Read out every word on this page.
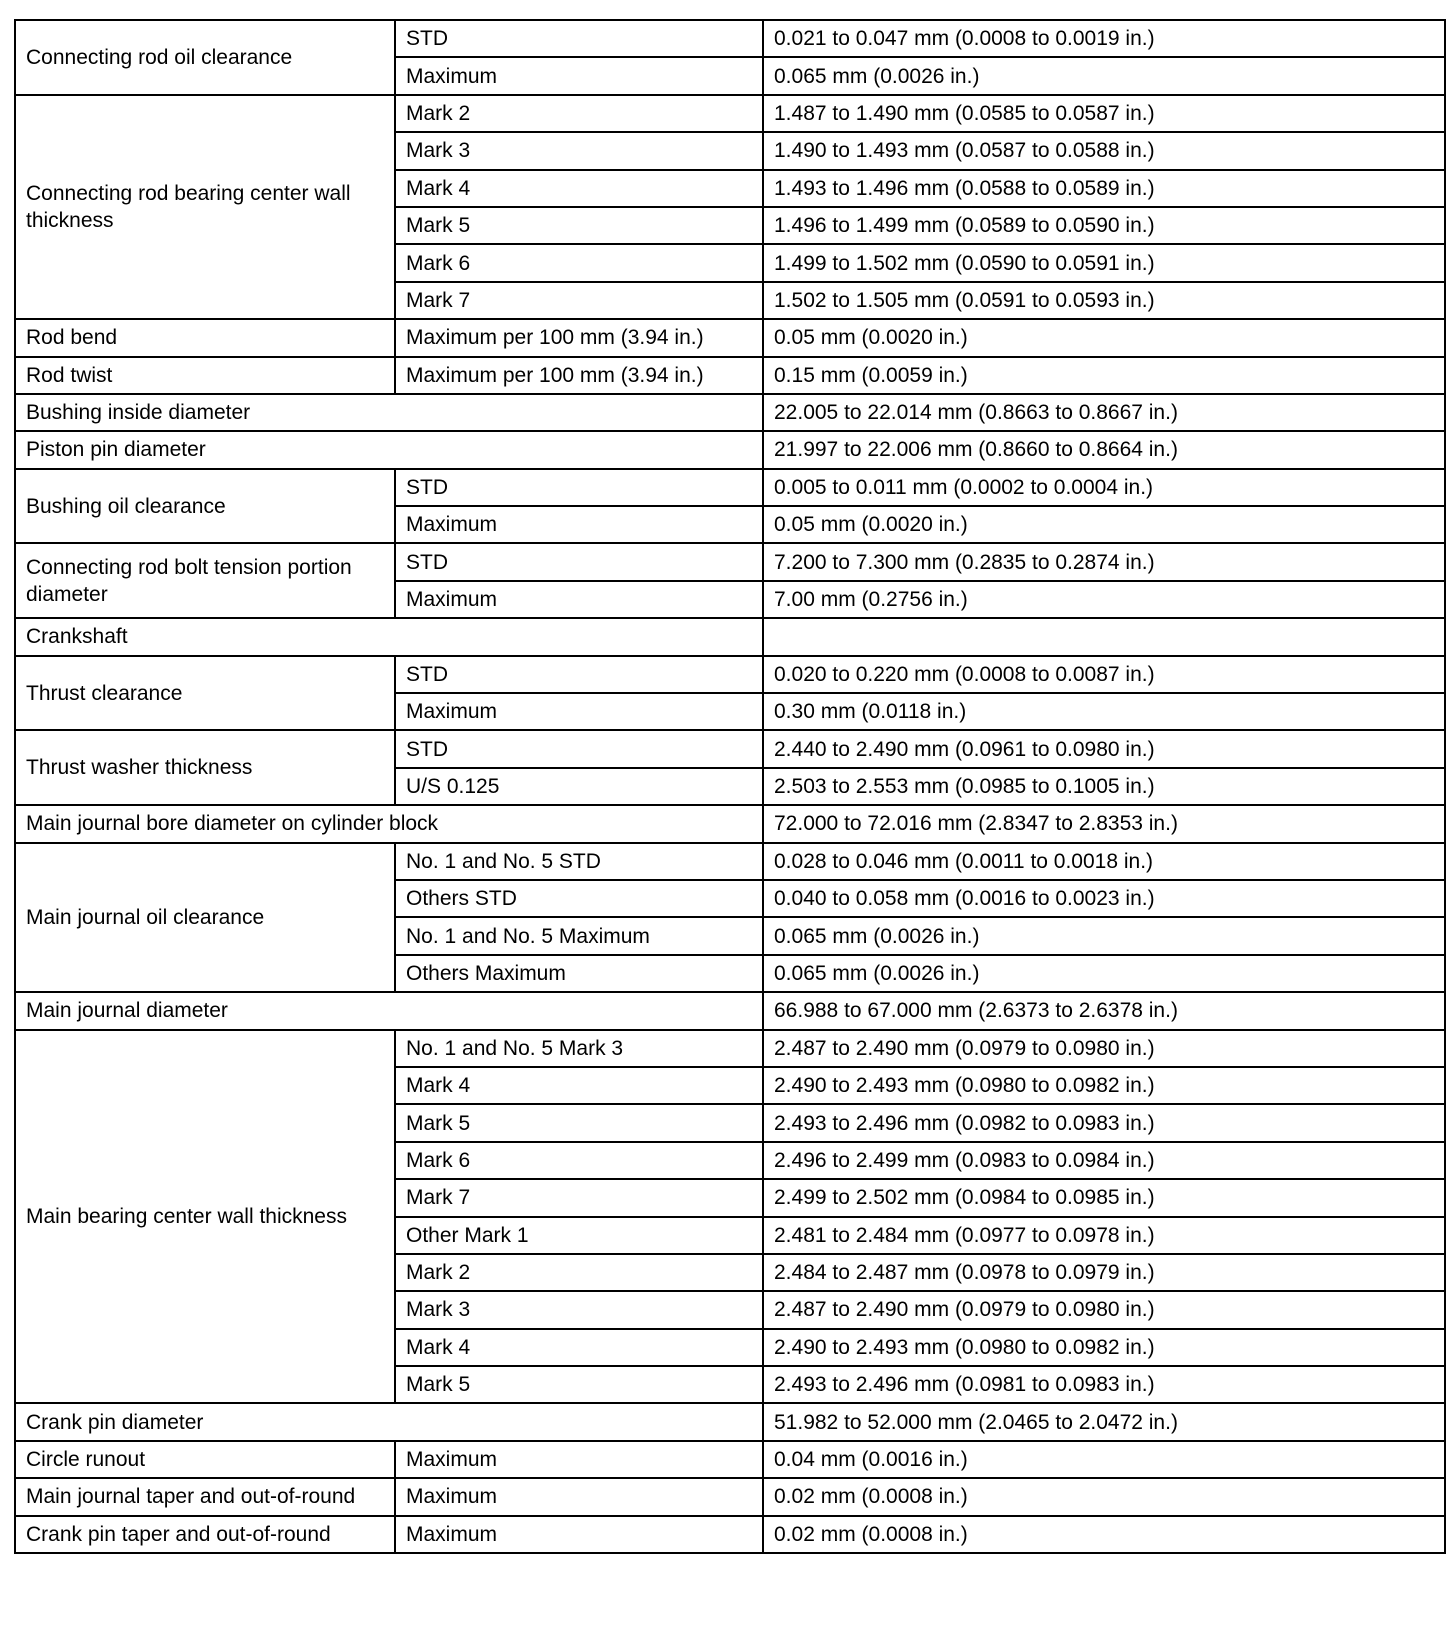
Connecting rod oil clearance	STD	0.021 to 0.047 mm (0.0008 to 0.0019 in.)
	Maximum	0.065 mm (0.0026 in.)
Connecting rod bearing center wall thickness	Mark 2	1.487 to 1.490 mm (0.0585 to 0.0587 in.)
	Mark 3	1.490 to 1.493 mm (0.0587 to 0.0588 in.)
	Mark 4	1.493 to 1.496 mm (0.0588 to 0.0589 in.)
	Mark 5	1.496 to 1.499 mm (0.0589 to 0.0590 in.)
	Mark 6	1.499 to 1.502 mm (0.0590 to 0.0591 in.)
	Mark 7	1.502 to 1.505 mm (0.0591 to 0.0593 in.)
Rod bend	Maximum per 100 mm (3.94 in.)	0.05 mm (0.0020 in.)
Rod twist	Maximum per 100 mm (3.94 in.)	0.15 mm (0.0059 in.)
Bushing inside diameter		22.005 to 22.014 mm (0.8663 to 0.8667 in.)
Piston pin diameter		21.997 to 22.006 mm (0.8660 to 0.8664 in.)
Bushing oil clearance	STD	0.005 to 0.011 mm (0.0002 to 0.0004 in.)
	Maximum	0.05 mm (0.0020 in.)
Connecting rod bolt tension portion diameter	STD	7.200 to 7.300 mm (0.2835 to 0.2874 in.)
	Maximum	7.00 mm (0.2756 in.)
Crankshaft		
Thrust clearance	STD	0.020 to 0.220 mm (0.0008 to 0.0087 in.)
	Maximum	0.30 mm (0.0118 in.)
Thrust washer thickness	STD	2.440 to 2.490 mm (0.0961 to 0.0980 in.)
	U/S 0.125	2.503 to 2.553 mm (0.0985 to 0.1005 in.)
Main journal bore diameter on cylinder block		72.000 to 72.016 mm (2.8347 to 2.8353 in.)
Main journal oil clearance	No. 1 and No. 5 STD	0.028 to 0.046 mm (0.0011 to 0.0018 in.)
	Others STD	0.040 to 0.058 mm (0.0016 to 0.0023 in.)
	No. 1 and No. 5 Maximum	0.065 mm (0.0026 in.)
	Others Maximum	0.065 mm (0.0026 in.)
Main journal diameter		66.988 to 67.000 mm (2.6373 to 2.6378 in.)
Main bearing center wall thickness	No. 1 and No. 5 Mark 3	2.487 to 2.490 mm (0.0979 to 0.0980 in.)
	Mark 4	2.490 to 2.493 mm (0.0980 to 0.0982 in.)
	Mark 5	2.493 to 2.496 mm (0.0982 to 0.0983 in.)
	Mark 6	2.496 to 2.499 mm (0.0983 to 0.0984 in.)
	Mark 7	2.499 to 2.502 mm (0.0984 to 0.0985 in.)
	Other Mark 1	2.481 to 2.484 mm (0.0977 to 0.0978 in.)
	Mark 2	2.484 to 2.487 mm (0.0978 to 0.0979 in.)
	Mark 3	2.487 to 2.490 mm (0.0979 to 0.0980 in.)
	Mark 4	2.490 to 2.493 mm (0.0980 to 0.0982 in.)
	Mark 5	2.493 to 2.496 mm (0.0981 to 0.0983 in.)
Crank pin diameter		51.982 to 52.000 mm (2.0465 to 2.0472 in.)
Circle runout	Maximum	0.04 mm (0.0016 in.)
Main journal taper and out-of-round	Maximum	0.02 mm (0.0008 in.)
Crank pin taper and out-of-round	Maximum	0.02 mm (0.0008 in.)
